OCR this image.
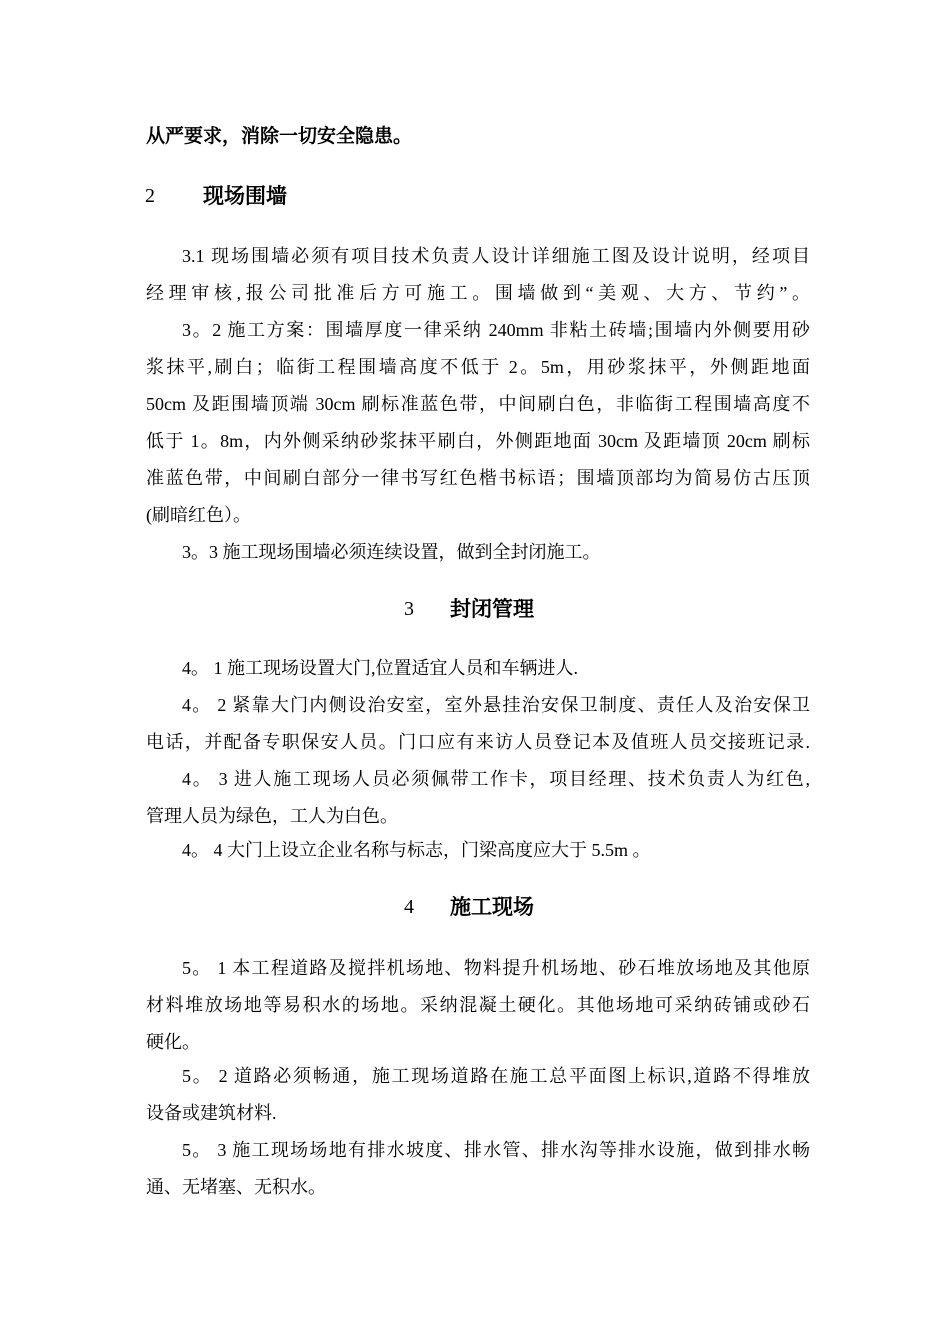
从严要求，消除一切安全隐患。
2 现场围墙
3.1 现场围墙必须有项目技术负责人设计详细施工图及设计说明，经项目
经理审核,报公司批准后方可施工。围墙做到“美观、大方、节约”。
3。2 施工方案：围墙厚度一律采纳 240mm 非粘土砖墙;围墙内外侧要用砂
浆抹平,刷白；临街工程围墙高度不低于 2。5m，用砂浆抹平，外侧距地面
50cm 及距围墙顶端 30cm 刷标准蓝色带，中间刷白色，非临街工程围墙高度不
低于 1。8m，内外侧采纳砂浆抹平刷白，外侧距地面 30cm 及距墙顶 20cm 刷标
准蓝色带，中间刷白部分一律书写红色楷书标语；围墙顶部均为简易仿古压顶
(刷暗红色）。
3。3 施工现场围墙必须连续设置，做到全封闭施工。
3 封闭管理
4。 1 施工现场设置大门,位置适宜人员和车辆进人.
4。 2 紧靠大门内侧设治安室，室外悬挂治安保卫制度、责任人及治安保卫
电话，并配备专职保安人员。门口应有来访人员登记本及值班人员交接班记录.
4。 3 进人施工现场人员必须佩带工作卡，项目经理、技术负责人为红色,
管理人员为绿色，工人为白色。
4。 4 大门上设立企业名称与标志，门梁高度应大于 5.5m 。
4 施工现场
5。 1 本工程道路及搅拌机场地、物料提升机场地、砂石堆放场地及其他原
材料堆放场地等易积水的场地。采纳混凝土硬化。其他场地可采纳砖铺或砂石
硬化。
5。 2 道路必须畅通，施工现场道路在施工总平面图上标识,道路不得堆放
设备或建筑材料.
5。 3 施工现场场地有排水坡度、排水管、排水沟等排水设施，做到排水畅
通、无堵塞、无积水。
